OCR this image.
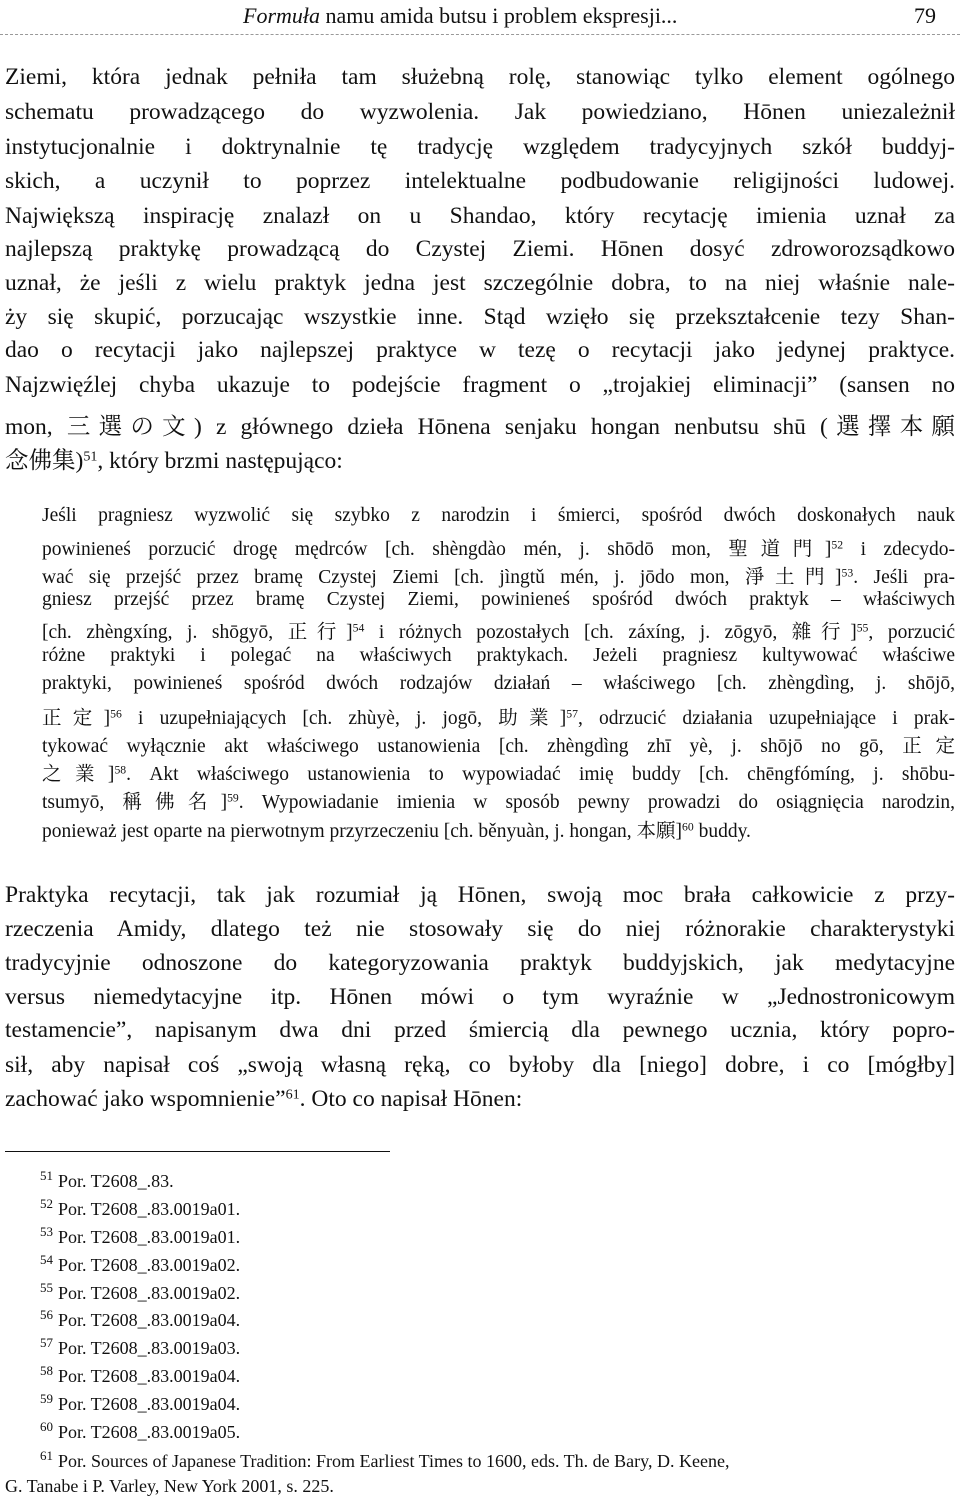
Formuła namu amida butsu i problem ekspresji...	79
Ziemi, która jednak pełniła tam służebną rolę, stanowiąc tylko element ogólnego
schematu prowadzącego do wyzwolenia. Jak powiedziano, Hōnen uniezależnił
instytucjonalnie i doktrynalnie tę tradycję względem tradycyjnych szkół buddyj-
skich, a uczynił to poprzez intelektualne podbudowanie religijności ludowej.
Największą inspirację znalazł on u Shandao, który recytację imienia uznał za
najlepszą praktykę prowadzącą do Czystej Ziemi. Hōnen dosyć zdroworozsądkowo
uznał, że jeśli z wielu praktyk jedna jest szczególnie dobra, to na niej właśnie nale-
ży się skupić, porzucając wszystkie inne. Stąd wzięło się przekształcenie tezy Shan-
dao o recytacji jako najlepszej praktyce w tezę o recytacji jako jedynej praktyce.
Najzwięźlej chyba ukazuje to podejście fragment o „trojakiej eliminacji” (sansen no
mon, 三選の文) z głównego dzieła Hōnena senjaku hongan nenbutsu shū (選擇本願
念佛集)$^{51}$, który brzmi następująco:
Jeśli pragniesz wyzwolić się szybko z narodzin i śmierci, spośród dwóch doskonałych nauk
powinieneś porzucić drogę mędrców [ch. shèngdào mén, j. shōdō mon, 聖道門]$^{52}$ i zdecydo-
wać się przejść przez bramę Czystej Ziemi [ch. jìngtǔ mén, j. jōdo mon, 淨土門]$^{53}$. Jeśli pra-
gniesz przejść przez bramę Czystej Ziemi, powinieneś spośród dwóch praktyk – właściwych
[ch. zhèngxíng, j. shōgyō, 正行]$^{54}$ i różnych pozostałych [ch. záxíng, j. zōgyō, 雜行]$^{55}$, porzucić
różne praktyki i polegać na właściwych praktykach. Jeżeli pragniesz kultywować właściwe
praktyki, powinieneś spośród dwóch rodzajów działań – właściwego [ch. zhèngdìng, j. shōjō,
正定]$^{56}$ i uzupełniających [ch. zhùyè, j. jogō, 助業]$^{57}$, odrzucić działania uzupełniające i prak-
tykować wyłącznie akt właściwego ustanowienia [ch. zhèngdìng zhī yè, j. shōjō no gō, 正定
之業]$^{58}$. Akt właściwego ustanowienia to wypowiadać imię buddy [ch. chēngfómíng, j. shōbu-
tsumyō, 稱佛名]$^{59}$. Wypowiadanie imienia w sposób pewny prowadzi do osiągnięcia narodzin,
ponieważ jest oparte na pierwotnym przyrzeczeniu [ch. běnyuàn, j. hongan, 本願]$^{60}$ buddy.
Praktyka recytacji, tak jak rozumiał ją Hōnen, swoją moc brała całkowicie z przy-
rzeczenia Amidy, dlatego też nie stosowały się do niej różnorakie charakterystyki
tradycyjnie odnoszone do kategoryzowania praktyk buddyjskich, jak medytacyjne
versus niemedytacyjne itp. Hōnen mówi o tym wyraźnie w „Jednostronicowym
testamencie”, napisanym dwa dni przed śmiercią dla pewnego ucznia, który popro-
sił, aby napisał coś „swoją własną ręką, co byłoby dla [niego] dobre, i co [mógłby]
zachować jako wspomnienie”$^{61}$. Oto co napisał Hōnen:
$^{51}$ Por. T2608_.83.
$^{52}$ Por. T2608_.83.0019a01.
$^{53}$ Por. T2608_.83.0019a01.
$^{54}$ Por. T2608_.83.0019a02.
$^{55}$ Por. T2608_.83.0019a02.
$^{56}$ Por. T2608_.83.0019a04.
$^{57}$ Por. T2608_.83.0019a03.
$^{58}$ Por. T2608_.83.0019a04.
$^{59}$ Por. T2608_.83.0019a04.
$^{60}$ Por. T2608_.83.0019a05.
$^{61}$ Por. Sources of Japanese Tradition: From Earliest Times to 1600, eds. Th. de Bary, D. Keene,
G. Tanabe i P. Varley, New York 2001, s. 225.
